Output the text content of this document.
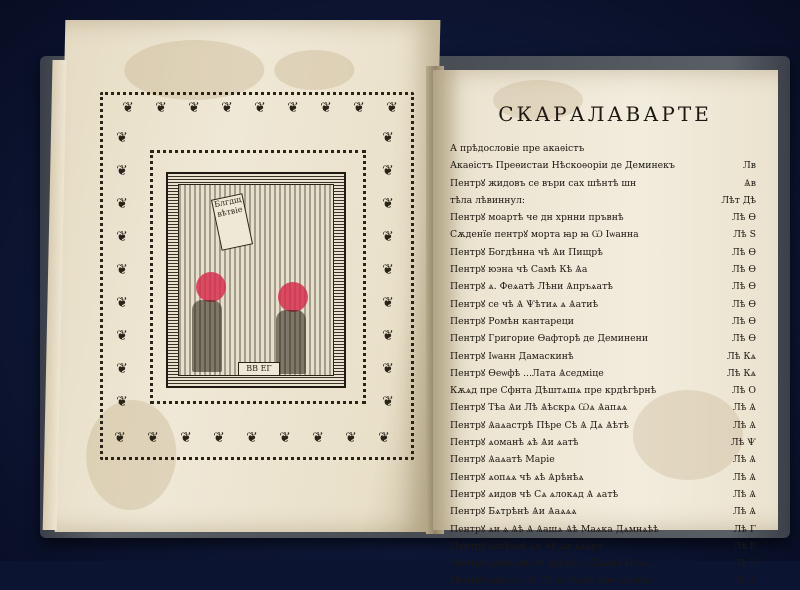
❦ ❦ ❦ ❦ ❦ ❦ ❦ ❦ ❦
❦ ❦ ❦ ❦ ❦ ❦ ❦ ❦ ❦
❦
❦
❦
❦
❦
❦
❦
❦
❦
❦
❦
❦
❦
❦
❦
❦
❦
❦
Блгдщ вѣтвіе
ВВ ЕГ
СКАРАЛАВАРТЕ
А прѣдословіе пре акаѳістъ
Акаѳістъ Преѳистаи Нѣскоѳоріи де Деминекъ	Лв
Пентрꙋ жидовъ се въри сах шѣнтѣ шн	Ѧв
тѣла лѣвиннул:	Лѣт Дѣ
Пентрꙋ моартѣ че дн хрнни пръвнѣ	Лѣ Ѳ
Сѫденїе пентрꙋ морта ꙗр ꙗ Ѡ Іѡанна	Лѣ Ѕ
Пентрꙋ Богдѣнна чѣ Ѧи Пищрѣ	Лѣ Ѳ
Пентрꙋ юэна чѣ Самѣ Кѣ Ѧа	Лѣ Ѳ
Пентрꙋ ѧ. Феѧатѣ Лѣни Ѧпръѧатѣ	Лѣ Ѳ
Пентрꙋ се чѣ Ѧ Ѱѣтиѧ ѧ Ѧатиѣ	Лѣ Ѳ
Пентрꙋ Ромѣн кантареци	Лѣ Ѳ
Пентрꙋ Григорие Ѳафторѣ де Деминени	Лѣ Ѳ
Пентрꙋ Іѡанн Дамаскинѣ	Лѣ Кѧ
Пентрꙋ Ѳеѡфѣ ...Лата Ѧседміце	Лѣ Кѧ
Кѫѧд пре Сфнта Дѣштѧшѧ пре крдѣгѣрнѣ	Лѣ О
Пентрꙋ Тѣа Ѧи Лѣ Ѧѣскрѧ Ѡѧ Ѧапѧѧ	Лѣ Ѧ
Пентрꙋ Ѧаѧастрѣ Пѣре Сѣ Ѧ Дѧ Ѧѣтѣ	Лѣ Ѧ
Пентрꙋ ѧоманѣ ѧѣ Ѧи ѧатѣ	Лѣ Ѱ
Пентрꙋ Ѧаѧатѣ Маріе	Лѣ Ѧ
Пентрꙋ ѧопѧѧ чѣ ѧѣ Ѧрѣнѣѧ	Лѣ Ѧ
Пентрꙋ ѧидов чѣ Сѧ ѧлокѧд Ѧ ѧатѣ	Лѣ Ѧ
Пентрꙋ Бѧтрѣнѣ Ѧи Ѧаѧѧѧ	Лѣ Ѧ
Пентрꙋ ѧи ѧ Ѧѣ Ѧ Ѧашѧ Ѧѣ Маѧка Дѧмнѧѣѣ	Лѣ Г
Пентрꙋ ѧатѣѧиѣ ѧа Ѧѣ ѧи ѧаѧре	Лѣ Р
Пентрꙋ ѧромѧиѣ чѣ ѧрѣшѣ ѧ Дѧмнѣ Иаѧѧ	Лѣ Р
Пентрꙋ ѧопѧлѧ ѧѣ Лѣ ѧатѣрѧѣ пре ѧѣѧамѧ	Лѣ Ѧ
